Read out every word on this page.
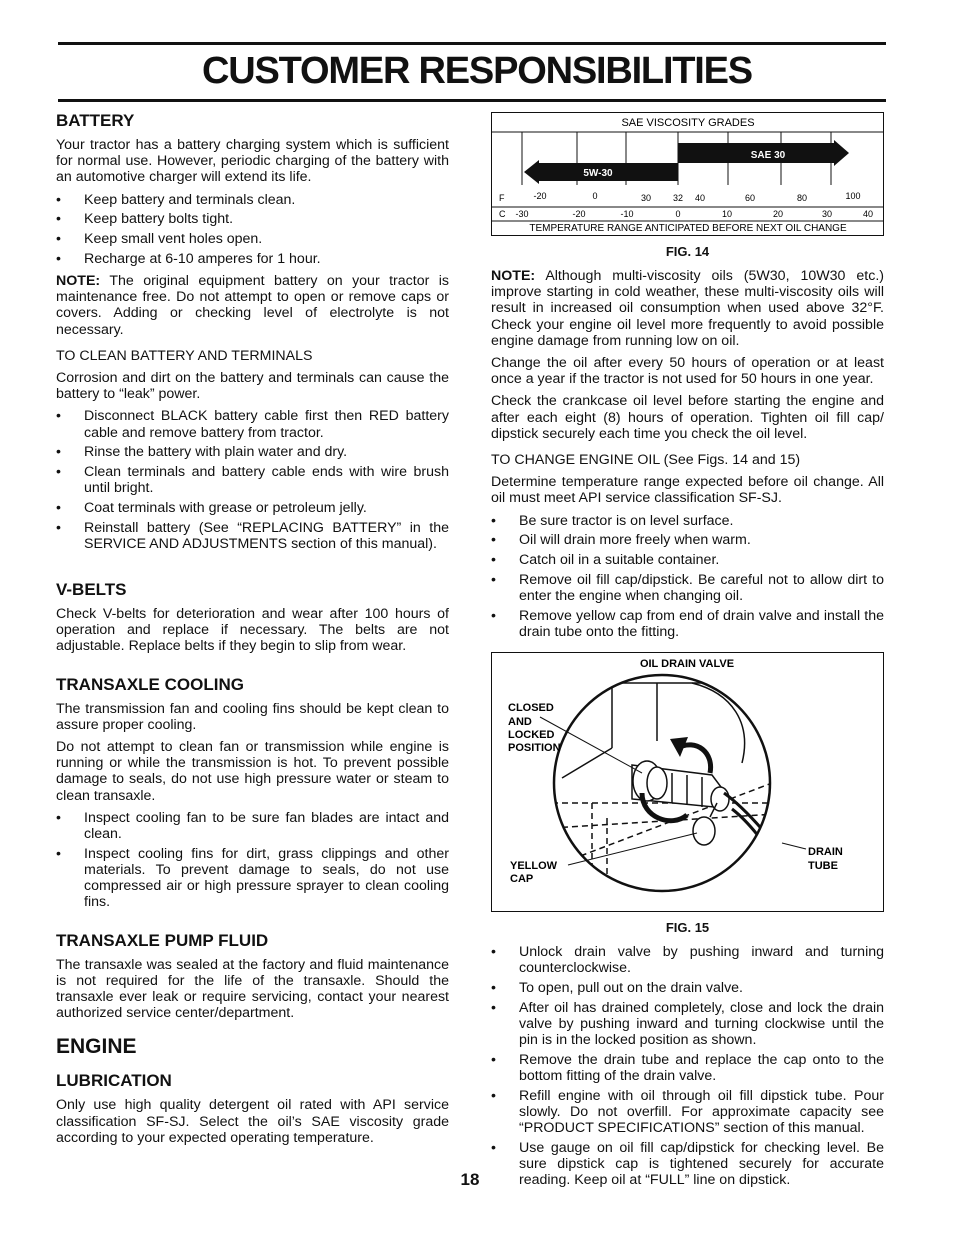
CUSTOMER RESPONSIBILITIES
BATTERY

Your tractor has a battery charging system which is sufficient for normal use. However, periodic charging of the battery with an automotive charger will extend its life.

• Keep battery and terminals clean.
• Keep battery bolts tight.
• Keep small vent holes open.
• Recharge at 6-10 amperes for 1 hour.

NOTE: The original equipment battery on your tractor is maintenance free. Do not attempt to open or remove caps or covers. Adding or checking level of electrolyte is not necessary.

TO CLEAN BATTERY AND TERMINALS

Corrosion and dirt on the battery and terminals can cause the battery to “leak” power.

• Disconnect BLACK battery cable first then RED battery cable and remove battery from tractor.
• Rinse the battery with plain water and dry.
• Clean terminals and battery cable ends with wire brush until bright.
• Coat terminals with grease or petroleum jelly.
• Reinstall battery (See “REPLACING BATTERY” in the SERVICE AND ADJUSTMENTS section of this manual).
V-BELTS

Check V-belts for deterioration and wear after 100 hours of operation and replace if necessary. The belts are not adjustable. Replace belts if they begin to slip from wear.

TRANSAXLE COOLING

The transmission fan and cooling fins should be kept clean to assure proper cooling.

Do not attempt to clean fan or transmission while engine is running or while the transmission is hot. To prevent possible damage to seals, do not use high pressure water or steam to clean transaxle.

• Inspect cooling fan to be sure fan blades are intact and clean.
• Inspect cooling fins for dirt, grass clippings and other materials. To prevent damage to seals, do not use compressed air or high pressure sprayer to clean cooling fins.
TRANSAXLE PUMP FLUID

The transaxle was sealed at the factory and fluid maintenance is not required for the life of the transaxle. Should the transaxle ever leak or require servicing, contact your nearest authorized service center/department.

ENGINE
LUBRICATION

Only use high quality detergent oil rated with API service classification SF-SJ. Select the oil’s SAE viscosity grade according to your expected operating temperature.

5W-30
SAE 30
SAE VISCOSITY GRADES
F	-20	0	30 32 40	60	80	100
C -30	-20	-10	0	10	20	30	40
TEMPERATURE RANGE ANTICIPATED BEFORE NEXT OIL CHANGE
FIG. 14

NOTE: Although multi-viscosity oils (5W30, 10W30 etc.) improve starting in cold weather, these multi-viscosity oils will result in increased oil consumption when used above 32°F. Check your engine oil level more frequently to avoid possible engine damage from running low on oil.

Change the oil after every 50 hours of operation or at least once a year if the tractor is not used for 50 hours in one year.

Check the crankcase oil level before starting the engine and after each eight (8) hours of operation. Tighten oil fill cap/ dipstick securely each time you check the oil level.

TO CHANGE ENGINE OIL (See Figs. 14 and 15)

Determine temperature range expected before oil change. All oil must meet API service classification SF-SJ.

• Be sure tractor is on level surface.
• Oil will drain more freely when warm.
• Catch oil in a suitable container.
• Remove oil fill cap/dipstick. Be careful not to allow dirt to enter the engine when changing oil.
• Remove yellow cap from end of drain valve and install the drain tube onto the fitting.
OIL DRAIN VALVE
CLOSED
AND
LOCKED
POSITION
YELLOW
CAP
DRAIN
TUBE
FIG. 15
• Unlock drain valve by pushing inward and turning counterclockwise.
• To open, pull out on the drain valve.
• After oil has drained completely, close and lock the drain valve by pushing inward and turning clockwise until the pin is in the locked position as shown.
• Remove the drain tube and replace the cap onto to the bottom fitting of the drain valve.
• Refill engine with oil through oil fill dipstick tube. Pour slowly. Do not overfill. For approximate capacity see “PRODUCT SPECIFICATIONS” section of this manual.
• Use gauge on oil fill cap/dipstick for checking level. Be sure dipstick cap is tightened securely for accurate reading. Keep oil at “FULL” line on dipstick.
18
